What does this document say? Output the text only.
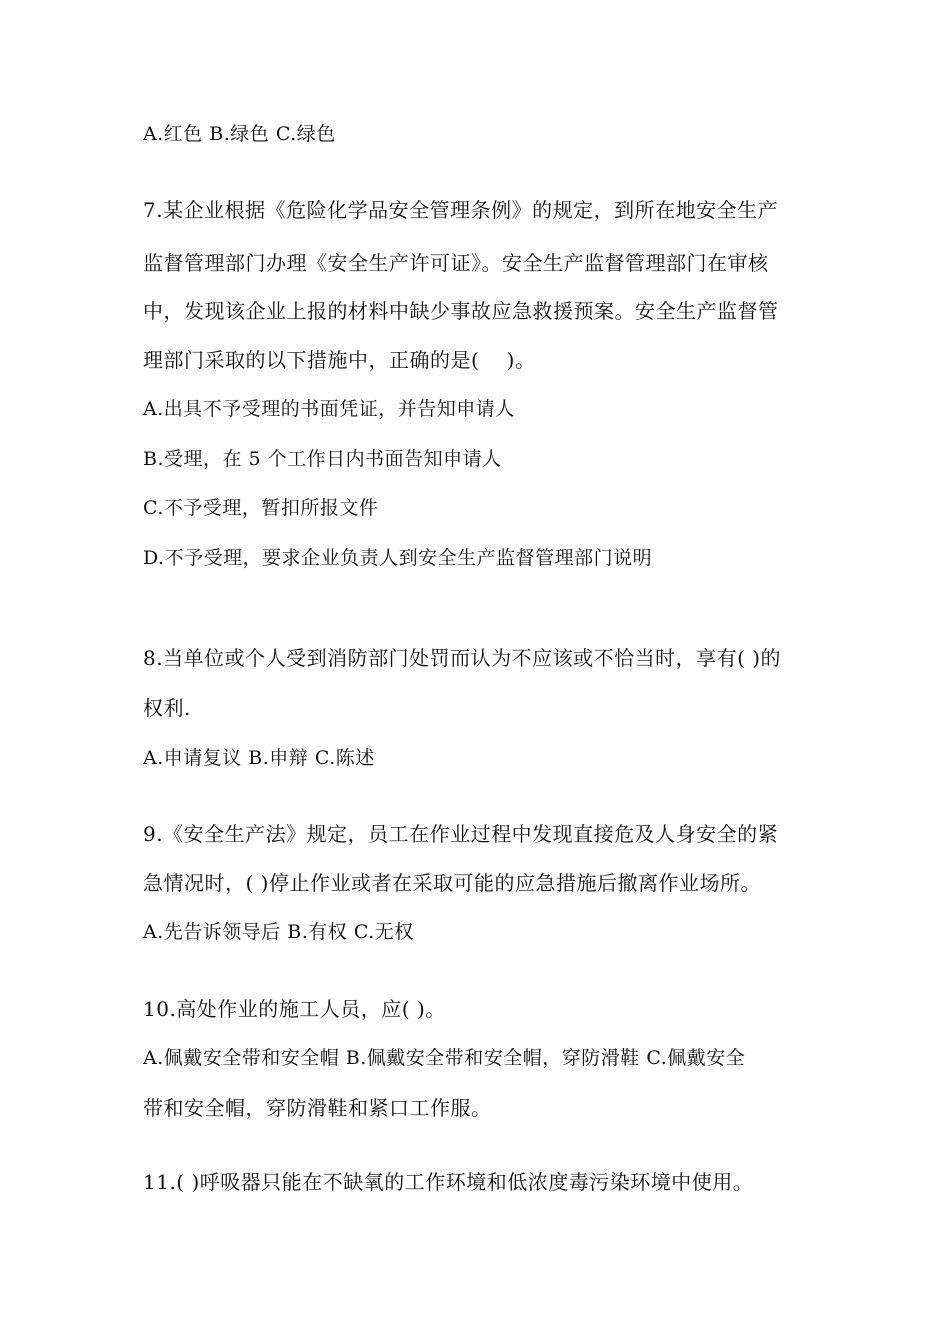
A.红色 B.绿色 C.绿色
7.某企业根据《危险化学品安全管理条例》的规定，到所在地安全生产
监督管理部门办理《安全生产许可证》。安全生产监督管理部门在审核
中，发现该企业上报的材料中缺少事故应急救援预案。安全生产监督管
理部门采取的以下措施中，正确的是(　 )。
A.出具不予受理的书面凭证，并告知申请人
B.受理，在 5 个工作日内书面告知申请人
C.不予受理，暂扣所报文件
D.不予受理，要求企业负责人到安全生产监督管理部门说明
8.当单位或个人受到消防部门处罚而认为不应该或不恰当时，享有( )的
权利.
A.申请复议 B.申辩 C.陈述
9.《安全生产法》规定，员工在作业过程中发现直接危及人身安全的紧
急情况时，( )停止作业或者在采取可能的应急措施后撤离作业场所。
A.先告诉领导后 B.有权 C.无权
10.高处作业的施工人员，应( )。
A.佩戴安全带和安全帽 B.佩戴安全带和安全帽，穿防滑鞋 C.佩戴安全
带和安全帽，穿防滑鞋和紧口工作服。
11.( )呼吸器只能在不缺氧的工作环境和低浓度毒污染环境中使用。
